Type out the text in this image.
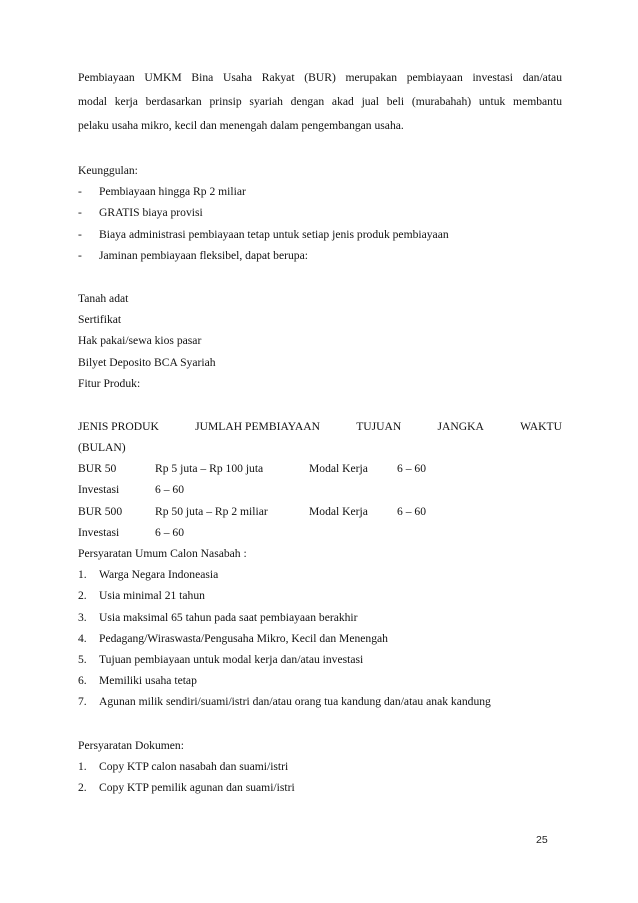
Pembiayaan UMKM Bina Usaha Rakyat (BUR) merupakan pembiayaan investasi dan/atau

modal kerja berdasarkan prinsip syariah dengan akad jual beli (murabahah) untuk membantu

pelaku usaha mikro, kecil dan menengah dalam pengembangan usaha.

Keunggulan:
-	Pembiayaan hingga Rp 2 miliar
-	GRATIS biaya provisi
-	Biaya administrasi pembiayaan tetap untuk setiap jenis produk pembiayaan
-	Jaminan pembiayaan fleksibel, dapat berupa:
Tanah adat
Sertifikat
Hak pakai/sewa kios pasar
Bilyet Deposito BCA Syariah
Fitur Produk:
JENIS PRODUK	JUMLAH PEMBIAYAAN	TUJUAN	JANGKA	WAKTU
(BULAN)
BUR 50	Rp 5 juta – Rp 100 juta	Modal Kerja	6 – 60
Investasi	6 – 60
BUR 500	Rp 50 juta – Rp 2 miliar	Modal Kerja	6 – 60
Investasi	6 – 60
Persyaratan Umum Calon Nasabah :
1.	Warga Negara Indoneasia
2.	Usia minimal 21 tahun
3.	Usia maksimal 65 tahun pada saat pembiayaan berakhir
4.	Pedagang/Wiraswasta/Pengusaha Mikro, Kecil dan Menengah
5.	Tujuan pembiayaan untuk modal kerja dan/atau investasi
6.	Memiliki usaha tetap
7.	Agunan milik sendiri/suami/istri dan/atau orang tua kandung dan/atau anak kandung
Persyaratan Dokumen:
1.	Copy KTP calon nasabah dan suami/istri
2.	Copy KTP pemilik agunan dan suami/istri
25
